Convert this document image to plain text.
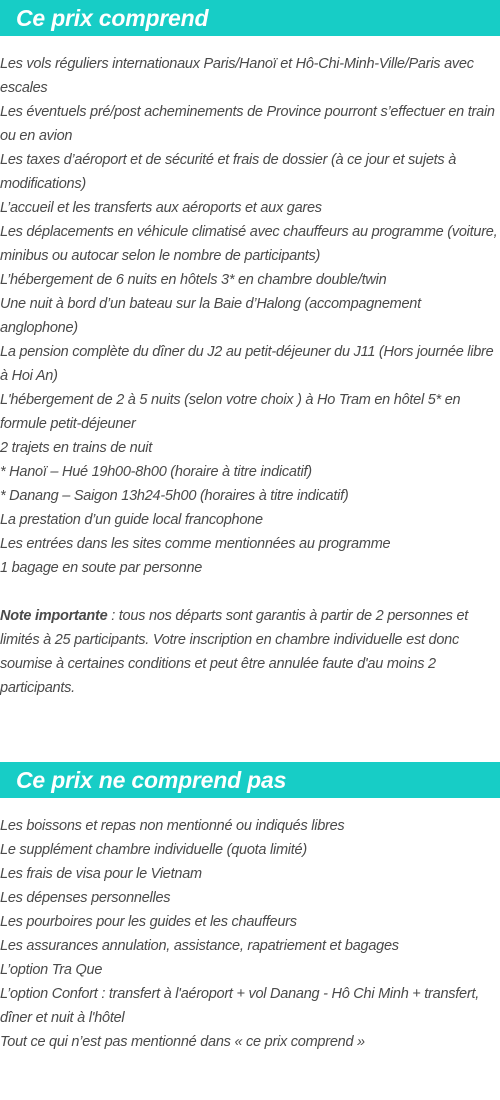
Ce prix comprend
Les vols réguliers internationaux Paris/Hanoï et Hô-Chi-Minh-Ville/Paris avec escales
Les éventuels pré/post acheminements de Province pourront s’effectuer en train ou en avion
Les taxes d’aéroport et de sécurité et frais de dossier (à ce jour et sujets à modifications)
L’accueil et les transferts aux aéroports et aux gares
Les déplacements en véhicule climatisé avec chauffeurs au programme (voiture, minibus ou autocar selon le nombre de participants)
L’hébergement de 6 nuits en hôtels 3* en chambre double/twin
Une nuit à bord d’un bateau sur la Baie d’Halong (accompagnement anglophone)
La pension complète du dîner du J2 au petit-déjeuner du J11 (Hors journée libre à Hoi An)
L'hébergement de 2 à 5 nuits (selon votre choix ) à Ho Tram en hôtel 5* en formule petit-déjeuner
2 trajets en trains de nuit
* Hanoï – Hué 19h00-8h00 (horaire à titre indicatif)
* Danang – Saigon 13h24-5h00 (horaires à titre indicatif)
La prestation d’un guide local francophone
Les entrées dans les sites comme mentionnées au programme
1 bagage en soute par personne

Note importante : tous nos départs sont garantis à partir de 2 personnes et limités à 25 participants. Votre inscription en chambre individuelle est donc soumise à certaines conditions et peut être annulée faute d'au moins 2 participants.

Ce prix ne comprend pas
Les boissons et repas non mentionné ou indiqués libres
Le supplément chambre individuelle (quota limité)
Les frais de visa pour le Vietnam
Les dépenses personnelles
Les pourboires pour les guides et les chauffeurs
Les assurances annulation, assistance, rapatriement et bagages
L’option Tra Que
L’option Confort : transfert à l'aéroport + vol Danang - Hô Chi Minh + transfert, dîner et nuit à l'hôtel
Tout ce qui n’est pas mentionné dans « ce prix comprend »
